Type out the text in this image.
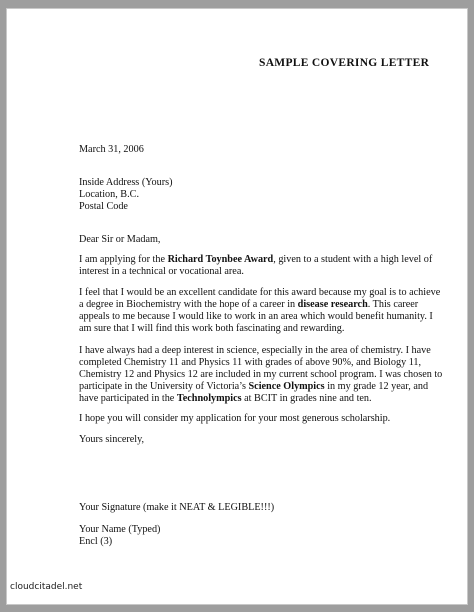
SAMPLE COVERING LETTER
March 31, 2006
Inside Address (Yours)
Location, B.C.
Postal Code
Dear Sir or Madam,
I am applying for the Richard Toynbee Award, given to a student with a high level of
interest in a technical or vocational area.
I feel that I would be an excellent candidate for this award because my goal is to achieve
a degree in Biochemistry with the hope of a career in disease research. This career
appeals to me because I would like to work in an area which would benefit humanity. I
am sure that I will find this work both fascinating and rewarding.
I have always had a deep interest in science, especially in the area of chemistry. I have
completed Chemistry 11 and Physics 11 with grades of above 90%, and Biology 11,
Chemistry 12 and Physics 12 are included in my current school program. I was chosen to
participate in the University of Victoria’s Science Olympics in my grade 12 year, and
have participated in the Technolympics at BCIT in grades nine and ten.
I hope you will consider my application for your most generous scholarship.
Yours sincerely,
Your Signature (make it NEAT & LEGIBLE!!!)
Your Name (Typed)
Encl (3)
cloudcitadel.net
